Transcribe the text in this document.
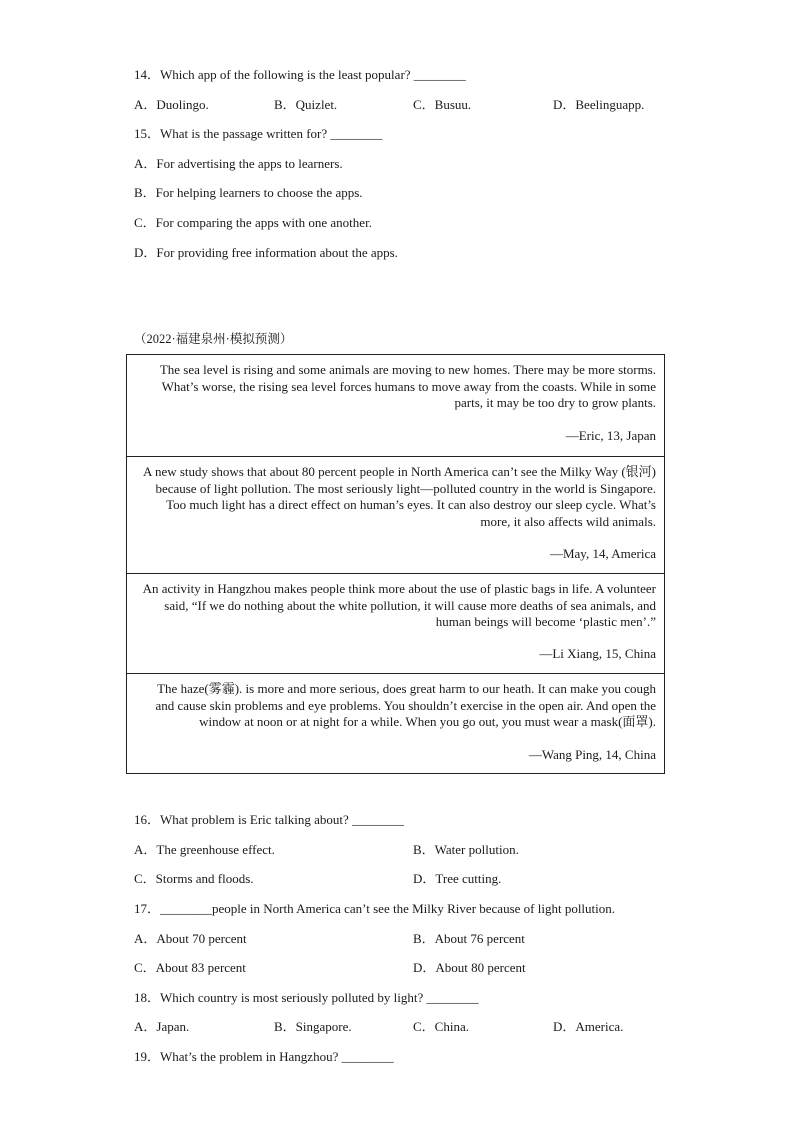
14．Which app of the following is the least popular? ________
A．Duolingo.	B．Quizlet.	C．Busuu.	D．Beelinguapp.
15．What is the passage written for? ________
A．For advertising the apps to learners.
B．For helping learners to choose the apps.
C．For comparing the apps with one another.
D．For providing free information about the apps.
（2022·福建泉州·模拟预测）
The sea level is rising and some animals are moving to new homes. There may be more storms. What’s worse, the rising sea level forces humans to move away from the coasts. While in some parts, it may be too dry to grow plants.
—Eric, 13, Japan
A new study shows that about 80 percent people in North America can’t see the Milky Way (银河) because of light pollution. The most seriously light—polluted country in the world is Singapore. Too much light has a direct effect on human’s eyes. It can also destroy our sleep cycle. What’s more, it also affects wild animals.
—May, 14, America
An activity in Hangzhou makes people think more about the use of plastic bags in life. A volunteer said, “If we do nothing about the white pollution, it will cause more deaths of sea animals, and human beings will become ‘plastic men’.”
—Li Xiang, 15, China
The haze(雾霾). is more and more serious, does great harm to our heath. It can make you cough and cause skin problems and eye problems. You shouldn’t exercise in the open air. And open the window at noon or at night for a while. When you go out, you must wear a mask(面罩).
—Wang Ping, 14, China
16．What problem is Eric talking about? ________
A．The greenhouse effect.	B．Water pollution.
C．Storms and floods.	D．Tree cutting.
17．________people in North America can’t see the Milky River because of light pollution.
A．About 70 percent	B．About 76 percent
C．About 83 percent	D．About 80 percent
18．Which country is most seriously polluted by light? ________
A．Japan.	B．Singapore.	C．China.	D．America.
19．What’s the problem in Hangzhou? ________
